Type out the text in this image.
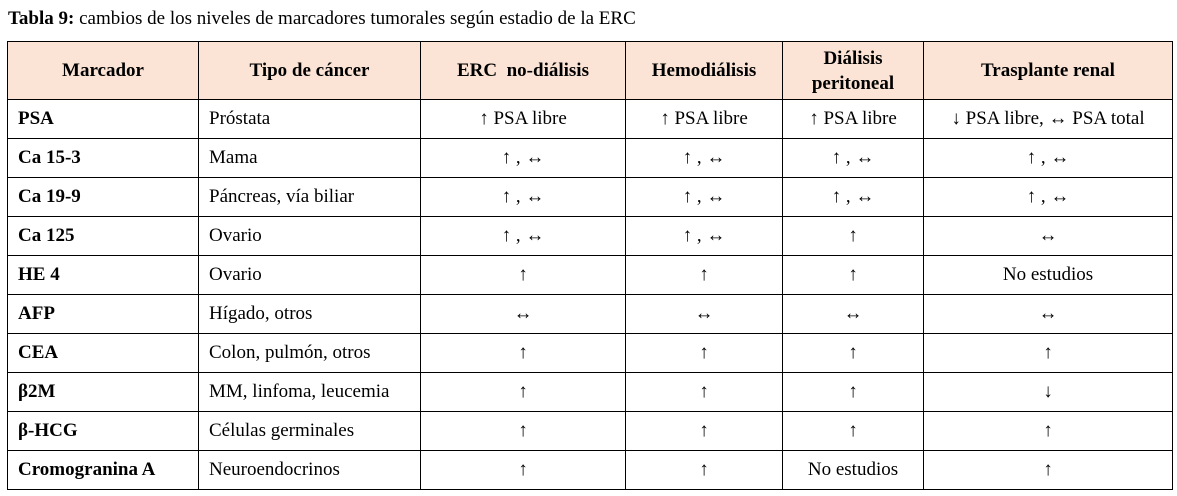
Tabla 9: cambios de los niveles de marcadores tumorales según estadio de la ERC
Marcador	Tipo de cáncer	ERC  no-diálisis	Hemodiálisis	Diálisis peritoneal	Trasplante renal
PSA	Próstata	↑ PSA libre	↑ PSA libre	↑ PSA libre	↓ PSA libre, ↔ PSA total
Ca 15-3	Mama	↑ , ↔	↑ , ↔	↑ , ↔	↑ , ↔
Ca 19-9	Páncreas, vía biliar	↑ , ↔	↑ , ↔	↑ , ↔	↑ , ↔
Ca 125	Ovario	↑ , ↔	↑ , ↔	↑	↔
HE 4	Ovario	↑	↑	↑	No estudios
AFP	Hígado, otros	↔	↔	↔	↔
CEA	Colon, pulmón, otros	↑	↑	↑	↑
β2M	MM, linfoma, leucemia	↑	↑	↑	↓
β-HCG	Células germinales	↑	↑	↑	↑
Cromogranina A	Neuroendocrinos	↑	↑	No estudios	↑
